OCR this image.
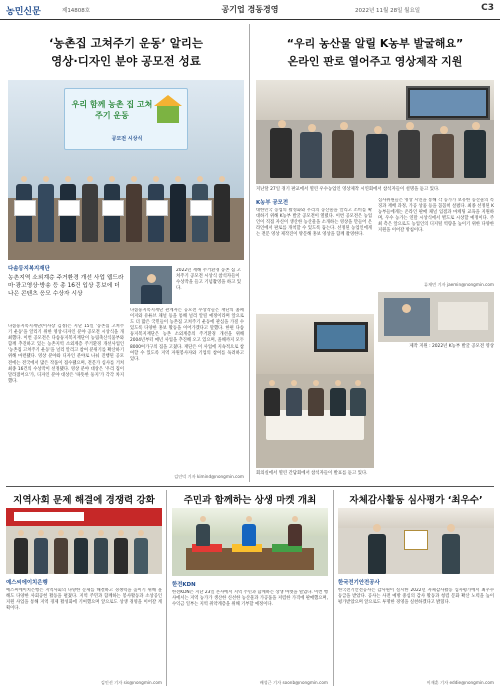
농민신문	제14808호	공기업 경동경영	2022년 11월 28일 월요일	C3
‘농촌집 고쳐주기 운동’ 알리는
영상·디자인 분야 공모전 성료
우리 함께 농촌 집 고쳐주기 운동
공모전 시상식
다솜둥지복지재단
농촌지역 소외계층 주거환경 개선 사업 웹드라마·광고영상·방송 등 총 16건 입상 홍보에 더 나은 콘텐츠 응모 수상자 시상
2022년 재해 주거환경 농촌 집 고쳐주기 공모전 시상식 참석자들이 수상작을 들고 기념촬영을 하고 있다.
다솜둥지복지재단(이사장 김정)은 지난 15일 '농촌집 고쳐주기 운동'을 알리기 위한 영상·디자인 분야 공모전 시상식을 개최했다. 이번 공모전은 다솜둥지복지재단이 농림축산식품부와 함께 추진하고 있는 농촌지역 소외계층 주거환경 개선사업인 '농촌집 고쳐주기 운동'을 널리 알리고 참여 분위기를 확산하기 위해 마련됐다. 영상 분야와 디자인 분야로 나눠 진행된 공모전에는 전국에서 많은 작품이 접수됐으며, 전문가 심사를 거쳐 최종 16건의 수상작이 선정됐다. 영상 분야 대상은 '우리 집이 달라졌어요'가, 디자인 분야 대상은 '따뜻한 둥지'가 각각 차지했다.
다솜둥지복지재단 관계자는 공모전 수상작들은 재단의 홈페이지와 유튜브 채널 등을 통해 널리 알릴 예정이라며 앞으로도 더 많은 국민들이 농촌집 고쳐주기 운동에 관심을 가질 수 있도록 다양한 홍보 활동을 이어가겠다고 말했다. 한편 다솜둥지복지재단은 농촌 소외계층의 주거환경 개선을 위해 2004년부터 매년 사업을 추진해 오고 있으며, 올해까지 모두 8000여가구의 집을 고쳤다. 재단은 이 사업에 지속적으로 참여할 수 있도록 지역 자원봉사자와 기업의 참여를 독려하고 있다.
김인덕 기자 kimind@nongmin.com
“우리 농산물 알릴 K농부 발굴해요”
온라인 판로 열어주고 영상제작 지원
지난달 27일 경기 판교에서 열린 우수농업인 영상제작 시연회에서 참석자들이 설명을 듣고 있다.
K농부 공모전
대한민국 농업의 활성화와 우리의 농산물을 알리고 소비를 확대하기 위해 K농부 발굴 공모전이 열렸다. 이번 공모전은 농업인이 직접 자신이 생산한 농산물을 소개하는 영상을 만들어 온라인에서 판로를 개척할 수 있도록 돕는다. 선정된 농업인에게는 전문 영상 제작진이 방문해 홍보 영상을 함께 촬영한다.
심사위원들은 영상 시연을 통해 각 농가가 보유한 농산물의 특징과 재배 과정, 가공 상품 등을 꼼꼼히 살폈다. 최종 선정된 K농부들에게는 온라인 판매 채널 입점과 마케팅 교육을 지원하며, 우수 농가는 연말 시상식에서 별도로 시상할 예정이다. 주최 측은 앞으로도 농업인의 디지털 역량을 높이기 위한 다양한 지원을 이어갈 방침이다.
류재민 기자 jaemin@nongmin.com
제작 지원 : 2022년 K농부 발굴 공모전 영상
회의실에서 열린 간담회에서 참석자들이 발표를 듣고 있다.
지역사회 문제 해결에 경쟁력 강화
예스씨에이치은행
예스씨에이치은행은 지역사회의 다양한 문제를 해결하고 경쟁력을 높이기 위해 올해도 다양한 사회공헌 활동을 펼쳤다. 지역 주민과 함께하는 봉사활동과 소상공인 지원 사업을 통해 지역 경제 활성화에 기여했으며 앞으로도 상생 경영을 이어갈 계획이다.
김인선 기자 sis@nongmin.com
주민과 함께하는 상생 마켓 개최
한전KDN
한전KDN은 지난 23일 본사에서 지역 주민과 함께하는 상생 마켓을 열었다. 이번 행사에서는 지역 농가가 생산한 신선한 농산물과 가공품을 저렴한 가격에 판매했으며, 수익금 일부는 지역 취약계층을 위해 기부할 예정이다.
배성근 기자 soonb@nongmin.com
자체감사활동 심사평가 ‘최우수’
한국전기안전공사
한국전기안전공사는 감사원이 실시한 2022년 자체감사활동 심사평가에서 최우수 등급을 받았다. 공사는 사전 예방 중심의 감사 활동과 청렴 문화 확산 노력을 높이 평가받았으며 앞으로도 투명한 경영을 실천하겠다고 밝혔다.
이재훈 기자 eddie@nongmin.com
